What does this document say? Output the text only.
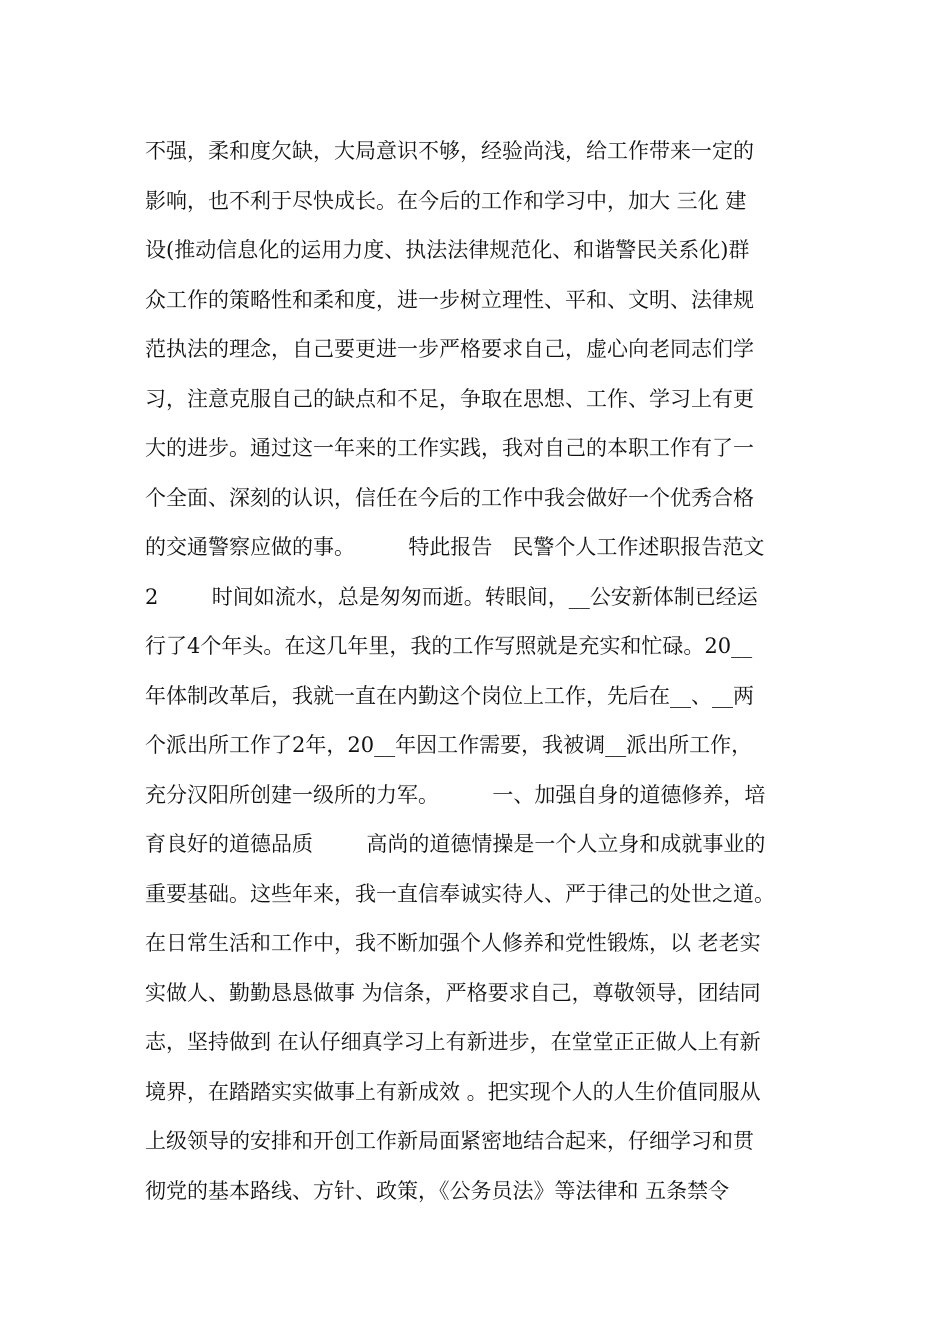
不强，柔和度欠缺，大局意识不够，经验尚浅，给工作带来一定的
影响，也不利于尽快成长。在今后的工作和学习中，加大 三化 建
设(推动信息化的运用力度、执法法律规范化、和谐警民关系化)群
众工作的策略性和柔和度，进一步树立理性、平和、文明、法律规
范执法的理念，自己要更进一步严格要求自己，虚心向老同志们学
习，注意克服自己的缺点和不足，争取在思想、工作、学习上有更
大的进步。通过这一年来的工作实践，我对自己的本职工作有了一
个全面、深刻的认识，信任在今后的工作中我会做好一个优秀合格
的交通警察应做的事。        特此报告   民警个人工作述职报告范文
2        时间如流水，总是匆匆而逝。转眼间，__公安新体制已经运
行了4个年头。在这几年里，我的工作写照就是充实和忙碌。20__
年体制改革后，我就一直在内勤这个岗位上工作，先后在__、__两
个派出所工作了2年，20__年因工作需要，我被调__派出所工作，
充分汉阳所创建一级所的力军。        一、加强自身的道德修养，培
育良好的道德品质        高尚的道德情操是一个人立身和成就事业的
重要基础。这些年来，我一直信奉诚实待人、严于律己的处世之道。
在日常生活和工作中，我不断加强个人修养和党性锻炼，以 老老实
实做人、勤勤恳恳做事 为信条，严格要求自己，尊敬领导，团结同
志，坚持做到 在认仔细真学习上有新进步，在堂堂正正做人上有新
境界，在踏踏实实做事上有新成效 。把实现个人的人生价值同服从
上级领导的安排和开创工作新局面紧密地结合起来，仔细学习和贯
彻党的基本路线、方针、政策，《公务员法》等法律和 五条禁令
